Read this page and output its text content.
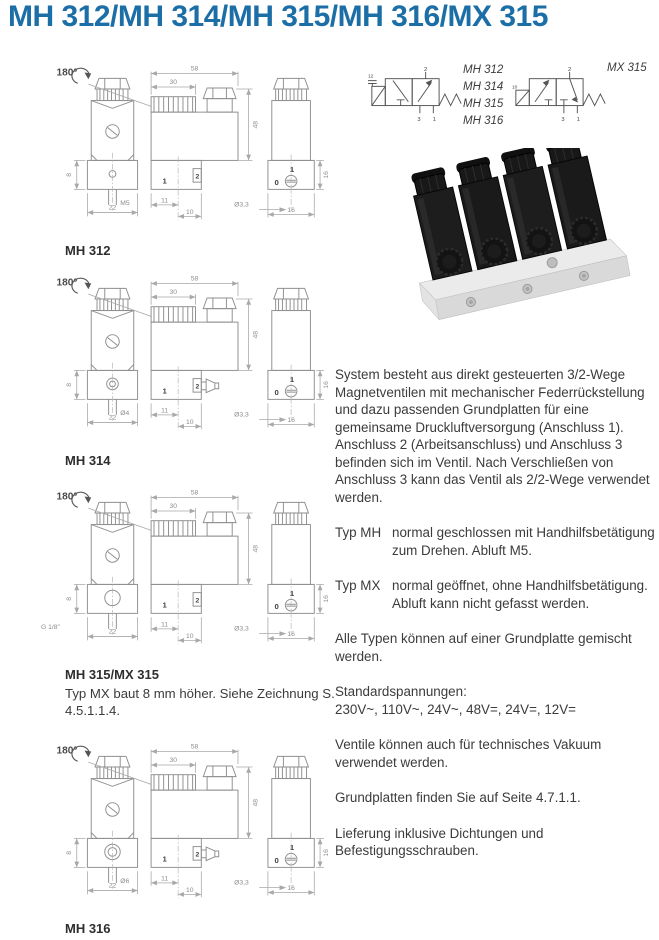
MH 312/MH 314/MH 315/MH 316/MX 315
2
3 1
12
MH 312
MH 314
MH 315
MH 316
2
3 1
10
MX 315
8
22
M5
180°	58
30
48
1	2
11
10
1
0
16
Ø3,3
16
MH 312
8
22
Ø4
180°	58
30
48
1	2
11
10
1
0
16
Ø3,3
16
MH 314
8
22
G 1/8"
180°	58
30
48
1	2
11
10
1
0
16
Ø3,3
16
MH 315/MX 315
Typ MX baut 8 mm höher. Siehe Zeichnung S. 4.5.1.1.4.
8
22
Ø6
180°	58
30
48
1	2
11
10
1
0
16
Ø3,3
16
MH 316

System besteht aus direkt gesteuerten 3/2-Wege Magnetventilen mit mechanischer Federrückstellung und dazu passenden Grundplatten für eine gemeinsame Druckluftversorgung (Anschluss 1). Anschluss 2 (Arbeitsanschluss) und Anschluss 3 befinden sich im Ventil. Nach Verschließen von Anschluss 3 kann das Ventil als 2/2-Wege verwendet werden.

Typ MH normal geschlossen mit Handhilfsbetätigung zum Drehen. Abluft M5.
Typ MX normal geöffnet, ohne Handhilfsbetätigung. Abluft kann nicht gefasst werden.

Alle Typen können auf einer Grundplatte gemischt werden.

Standardspannungen:
230V~, 110V~, 24V~, 48V=, 24V=, 12V=

Ventile können auch für technisches Vakuum verwendet werden.

Grundplatten finden Sie auf Seite 4.7.1.1.

Lieferung inklusive Dichtungen und Befestigungsschrauben.
